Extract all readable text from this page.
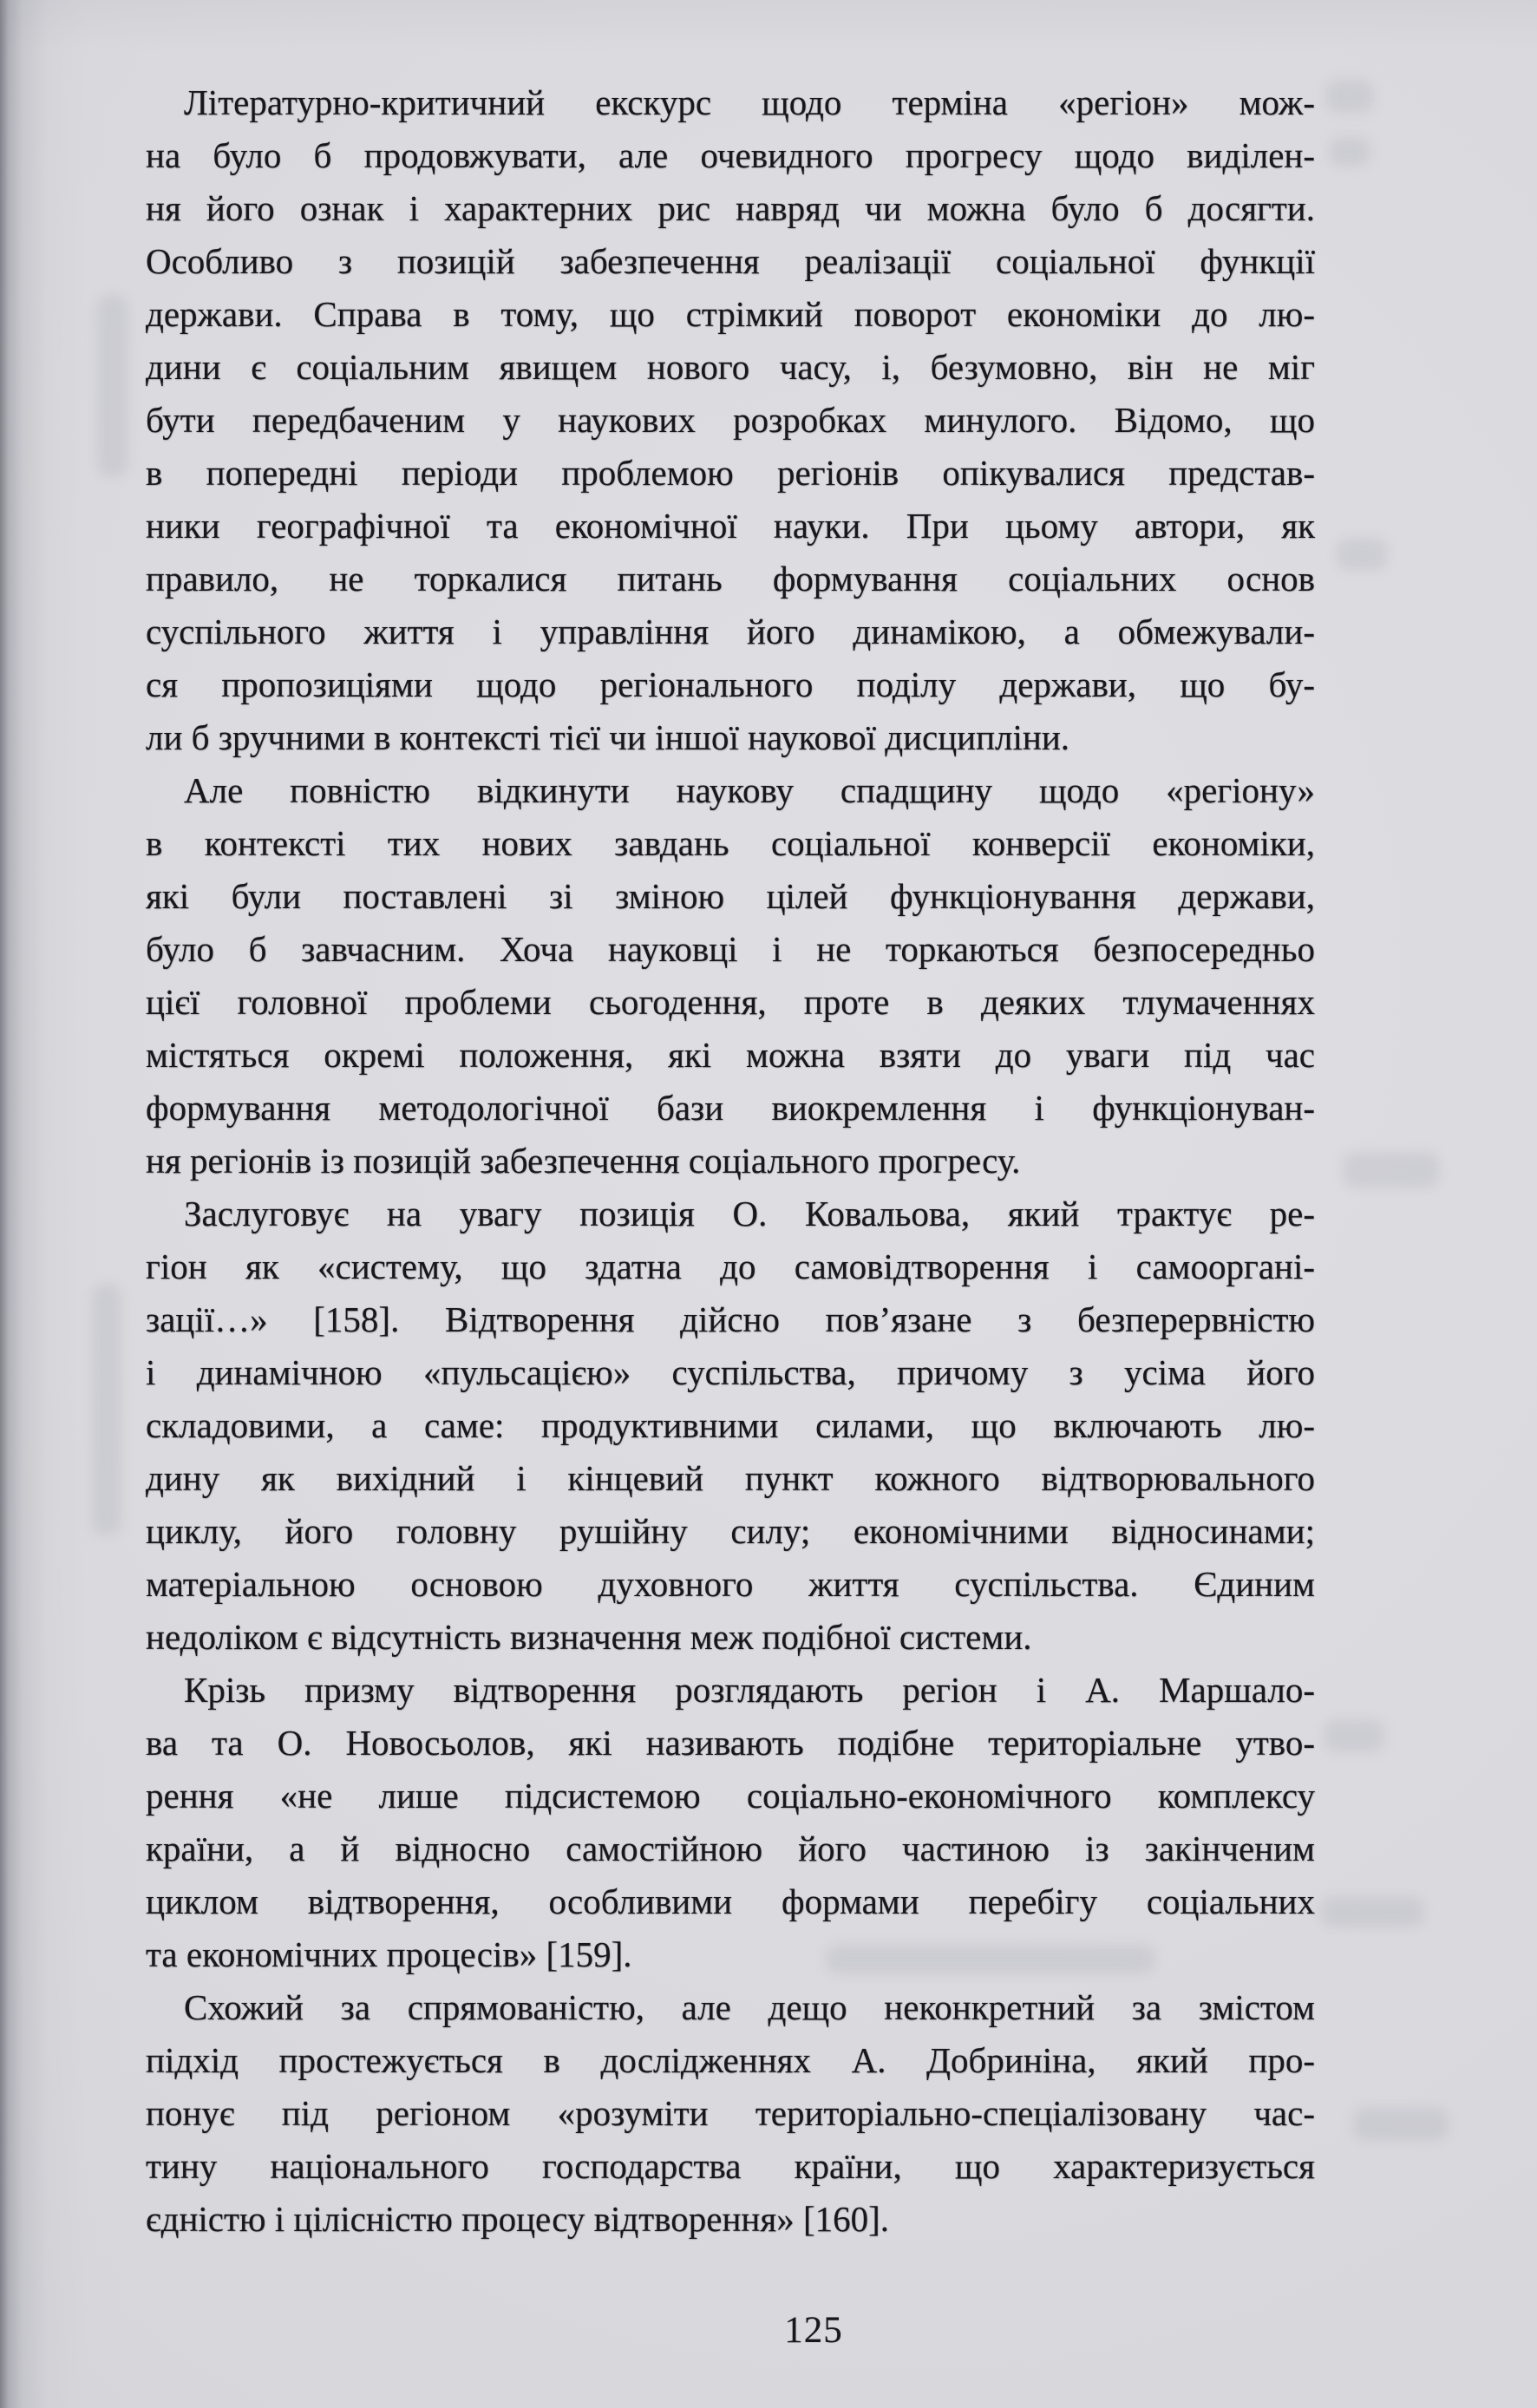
Літературно-критичний екскурс щодо терміна «регіон» мож-
на було б продовжувати, але очевидного прогресу щодо виділен-
ня його ознак і характерних рис навряд чи можна було б досягти.
Особливо з позицій забезпечення реалізації соціальної функції
держави. Справа в тому, що стрімкий поворот економіки до лю-
дини є соціальним явищем нового часу, і, безумовно, він не міг
бути передбаченим у наукових розробках минулого. Відомо, що
в попередні періоди проблемою регіонів опікувалися представ-
ники географічної та економічної науки. При цьому автори, як
правило, не торкалися питань формування соціальних основ
суспільного життя і управління його динамікою, а обмежували-
ся пропозиціями щодо регіонального поділу держави, що бу-
ли б зручними в контексті тієї чи іншої наукової дисципліни.
Але повністю відкинути наукову спадщину щодо «регіону»
в контексті тих нових завдань соціальної конверсії економіки,
які були поставлені зі зміною цілей функціонування держави,
було б завчасним. Хоча науковці і не торкаються безпосередньо
цієї головної проблеми сьогодення, проте в деяких тлумаченнях
містяться окремі положення, які можна взяти до уваги під час
формування методологічної бази виокремлення і функціонуван-
ня регіонів із позицій забезпечення соціального прогресу.
Заслуговує на увагу позиція О. Ковальова, який трактує ре-
гіон як «систему, що здатна до самовідтворення і самооргані-
зації…» [158]. Відтворення дійсно пов’язане з безперервністю
і динамічною «пульсацією» суспільства, причому з усіма його
складовими, а саме: продуктивними силами, що включають лю-
дину як вихідний і кінцевий пункт кожного відтворювального
циклу, його головну рушійну силу; економічними відносинами;
матеріальною основою духовного життя суспільства. Єдиним
недоліком є відсутність визначення меж подібної системи.
Крізь призму відтворення розглядають регіон і А. Маршало-
ва та О. Новосьолов, які називають подібне територіальне утво-
рення «не лише підсистемою соціально-економічного комплексу
країни, а й відносно самостійною його частиною із закінченим
циклом відтворення, особливими формами перебігу соціальних
та економічних процесів» [159].
Схожий за спрямованістю, але дещо неконкретний за змістом
підхід простежується в дослідженнях А. Добриніна, який про-
понує під регіоном «розуміти територіально-спеціалізовану час-
тину національного господарства країни, що характеризується
єдністю і цілісністю процесу відтворення» [160].
125
